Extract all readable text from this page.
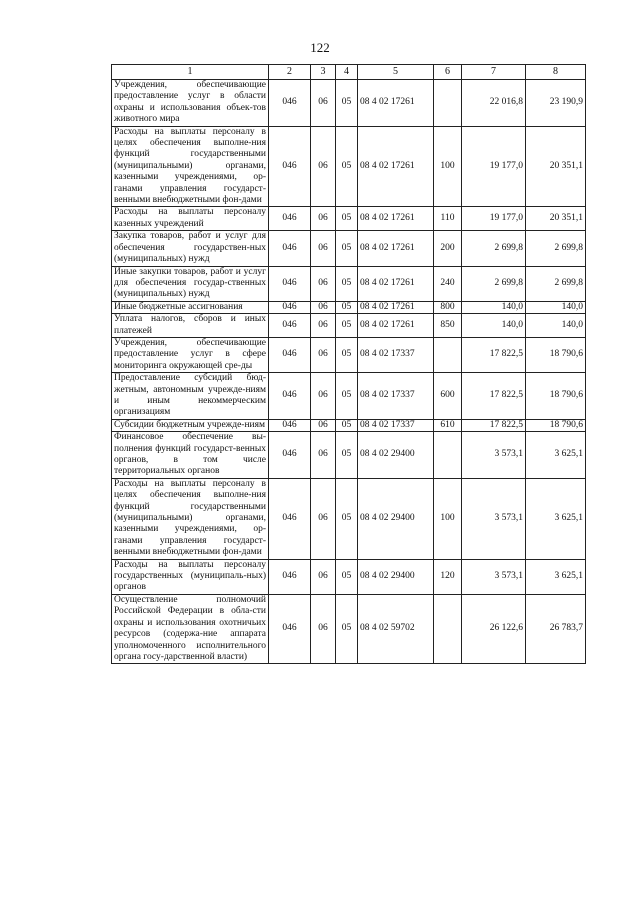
122
1	2	3	4	5	6	7	8
Учреждения, обеспечивающие предоставление услуг в области охраны и использования объек-тов животного мира	046	06	05	08 4 02 17261		22 016,8	23 190,9
Расходы на выплаты персоналу в целях обеспечения выполне-ния функций государственными (муниципальными) органами, казенными учреждениями, ор-ганами управления государст-венными внебюджетными фон-дами	046	06	05	08 4 02 17261	100	19 177,0	20 351,1
Расходы на выплаты персоналу казенных учреждений	046	06	05	08 4 02 17261	110	19 177,0	20 351,1
Закупка товаров, работ и услуг для обеспечения государствен-ных (муниципальных) нужд	046	06	05	08 4 02 17261	200	2 699,8	2 699,8
Иные закупки товаров, работ и услуг для обеспечения государ-ственных (муниципальных) нужд	046	06	05	08 4 02 17261	240	2 699,8	2 699,8
Иные бюджетные ассигнования	046	06	05	08 4 02 17261	800	140,0	140,0
Уплата налогов, сборов и иных платежей	046	06	05	08 4 02 17261	850	140,0	140,0
Учреждения, обеспечивающие предоставление услуг в сфере мониторинга окружающей сре-ды	046	06	05	08 4 02 17337		17 822,5	18 790,6
Предоставление субсидий бюд-жетным, автономным учрежде-ниям и иным некоммерческим организациям	046	06	05	08 4 02 17337	600	17 822,5	18 790,6
Субсидии бюджетным учрежде-ниям	046	06	05	08 4 02 17337	610	17 822,5	18 790,6
Финансовое обеспечение вы-полнения функций государст-венных органов, в том числе территориальных органов	046	06	05	08 4 02 29400		3 573,1	3 625,1
Расходы на выплаты персоналу в целях обеспечения выполне-ния функций государственными (муниципальными) органами, казенными учреждениями, ор-ганами управления государст-венными внебюджетными фон-дами	046	06	05	08 4 02 29400	100	3 573,1	3 625,1
Расходы на выплаты персоналу государственных (муниципаль-ных) органов	046	06	05	08 4 02 29400	120	3 573,1	3 625,1
Осуществление полномочий Российской Федерации в обла-сти охраны и использования охотничьих ресурсов (содержа-ние аппарата уполномоченного исполнительного органа госу-дарственной власти)	046	06	05	08 4 02 59702		26 122,6	26 783,7
